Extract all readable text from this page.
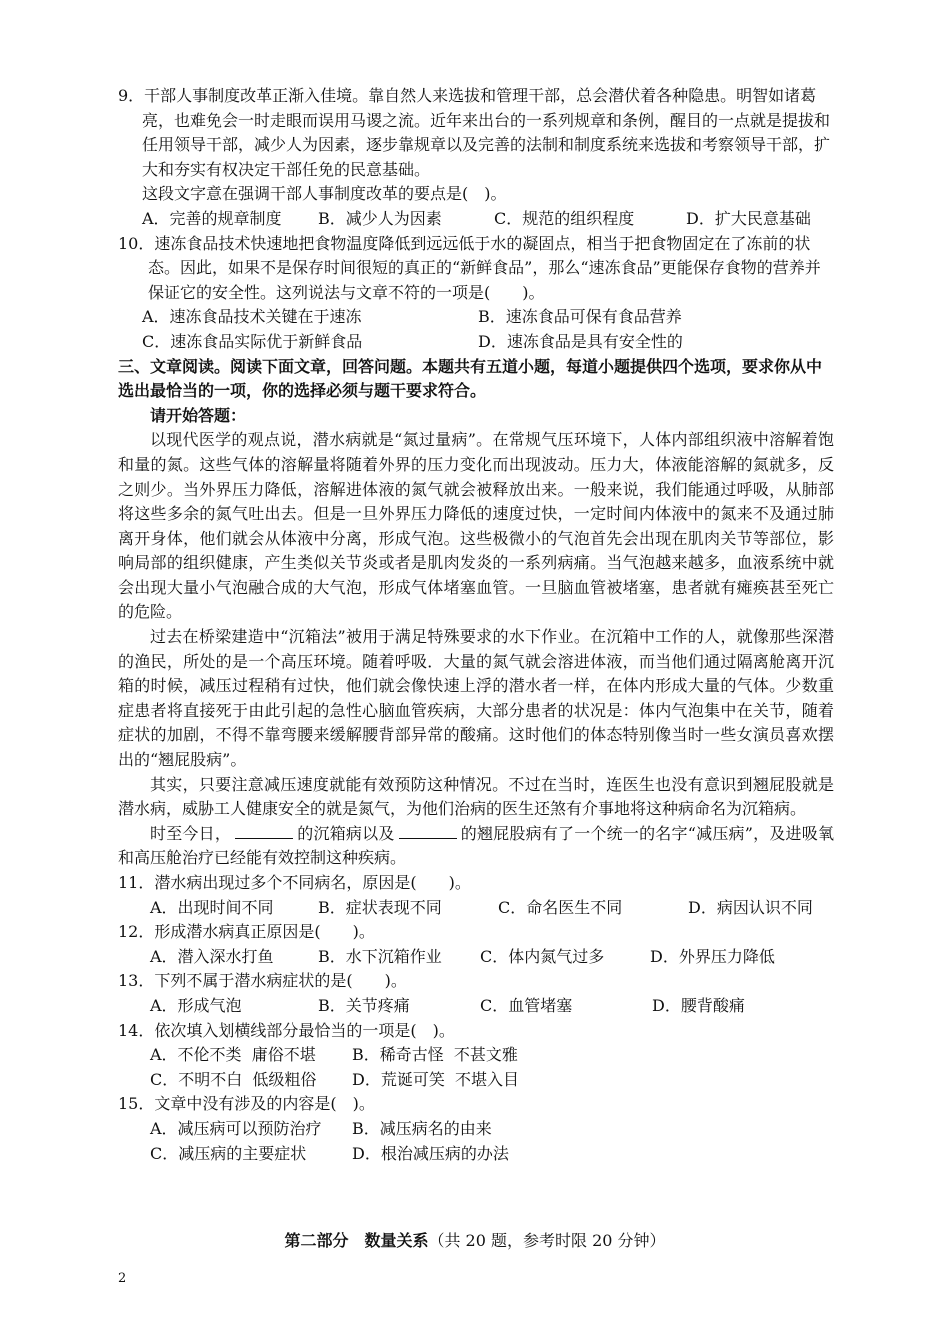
9．干部人事制度改革正渐入佳境。靠自然人来选拔和管理干部，总会潜伏着各种隐患。明智如诸葛亮，也难免会一时走眼而误用马谡之流。近年来出台的一系列规章和条例，醒目的一点就是提拔和任用领导干部，减少人为因素，逐步靠规章以及完善的法制和制度系统来选拔和考察领导干部，扩大和夯实有权决定干部任免的民意基础。
这段文字意在强调干部人事制度改革的要点是(　)。
A．完善的规章制度	B．减少人为因素	C．规范的组织程度	D．扩大民意基础
10．速冻食品技术快速地把食物温度降低到远远低于水的凝固点，相当于把食物固定在了冻前的状态。因此，如果不是保存时间很短的真正的“新鲜食品”，那么“速冻食品”更能保存食物的营养并保证它的安全性。这列说法与文章不符的一项是(　　)。
A．速冻食品技术关键在于速冻	B．速冻食品可保有食品营养
C．速冻食品实际优于新鲜食品	D．速冻食品是具有安全性的
三、文章阅读。阅读下面文章，回答问题。本题共有五道小题，每道小题提供四个选项，要求你从中选出最恰当的一项，你的选择必须与题干要求符合。
请开始答题：
以现代医学的观点说，潜水病就是“氮过量病”。在常规气压环境下，人体内部组织液中溶解着饱和量的氮。这些气体的溶解量将随着外界的压力变化而出现波动。压力大，体液能溶解的氮就多，反之则少。当外界压力降低，溶解进体液的氮气就会被释放出来。一般来说，我们能通过呼吸，从肺部将这些多余的氮气吐出去。但是一旦外界压力降低的速度过快，一定时间内体液中的氮来不及通过肺离开身体，他们就会从体液中分离，形成气泡。这些极微小的气泡首先会出现在肌肉关节等部位，影响局部的组织健康，产生类似关节炎或者是肌肉发炎的一系列病痛。当气泡越来越多，血液系统中就会出现大量小气泡融合成的大气泡，形成气体堵塞血管。一旦脑血管被堵塞，患者就有瘫痪甚至死亡的危险。
过去在桥梁建造中“沉箱法”被用于满足特殊要求的水下作业。在沉箱中工作的人，就像那些深潜的渔民，所处的是一个高压环境。随着呼吸．大量的氮气就会溶进体液，而当他们通过隔离舱离开沉箱的时候，减压过程稍有过快，他们就会像快速上浮的潜水者一样，在体内形成大量的气体。少数重症患者将直接死于由此引起的急性心脑血管疾病，大部分患者的状况是：体内气泡集中在关节，随着症状的加剧，不得不靠弯腰来缓解腰背部异常的酸痛。这时他们的体态特别像当时一些女演员喜欢摆出的“翘屁股病”。
其实，只要注意减压速度就能有效预防这种情况。不过在当时，连医生也没有意识到翘屁股就是潜水病，威胁工人健康安全的就是氮气，为他们治病的医生还煞有介事地将这种病命名为沉箱病。
时至今日，	的沉箱病以及	的翘屁股病有了一个统一的名字“减压病”，及进吸氧和高压舱治疗已经能有效控制这种疾病。
11．潜水病出现过多个不同病名，原因是(　　)。
A．出现时间不同	B．症状表现不同	C．命名医生不同	D．病因认识不同
12．形成潜水病真正原因是(　　)。
A．潜入深水打鱼	B．水下沉箱作业	C．体内氮气过多	D．外界压力降低
13．下列不属于潜水病症状的是(　　)。
A．形成气泡	B．关节疼痛	C．血管堵塞	D．腰背酸痛
14．依次填入划横线部分最恰当的一项是(　)。
A．不伦不类  庸俗不堪	B．稀奇古怪  不甚文雅
C．不明不白  低级粗俗	D．荒诞可笑  不堪入目
15．文章中没有涉及的内容是(　)。
A．减压病可以预防治疗	B．减压病名的由来
C．减压病的主要症状	D．根治减压病的办法
第二部分　数量关系（共 20 题，参考时限 20 分钟）
2
